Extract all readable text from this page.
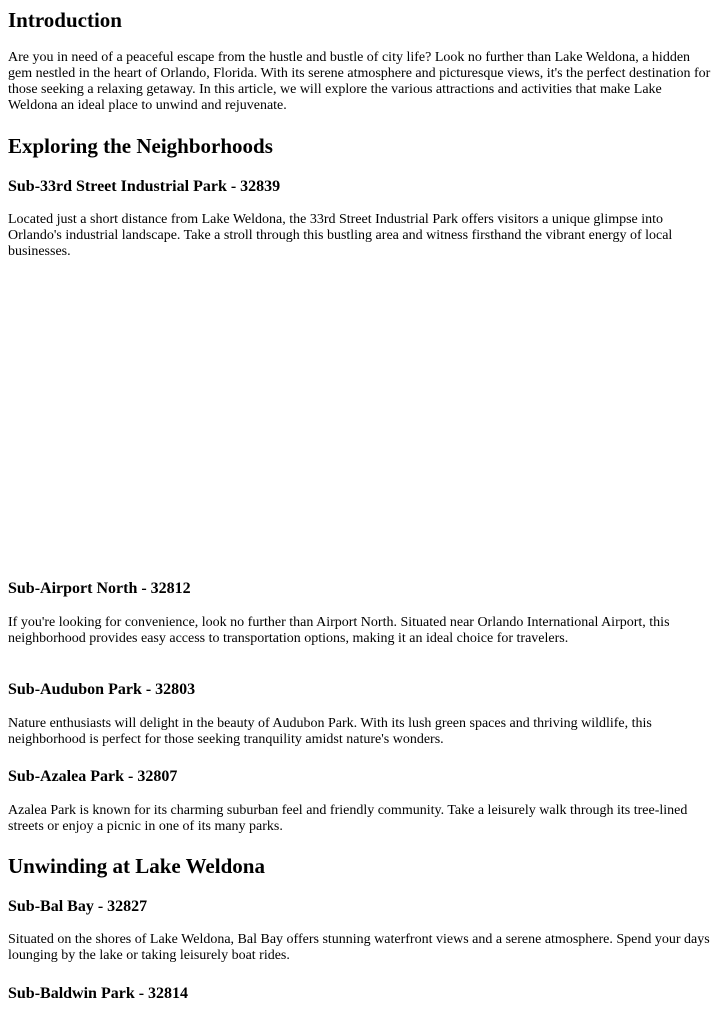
Introduction

Are you in need of a peaceful escape from the hustle and bustle of city life? Look no further than Lake Weldona, a hidden gem nestled in the heart of Orlando, Florida. With its serene atmosphere and picturesque views, it's the perfect destination for those seeking a relaxing getaway. In this article, we will explore the various attractions and activities that make Lake Weldona an ideal place to unwind and rejuvenate.

Exploring the Neighborhoods
Sub-33rd Street Industrial Park - 32839

Located just a short distance from Lake Weldona, the 33rd Street Industrial Park offers visitors a unique glimpse into Orlando's industrial landscape. Take a stroll through this bustling area and witness firsthand the vibrant energy of local businesses.

Sub-Airport North - 32812

If you're looking for convenience, look no further than Airport North. Situated near Orlando International Airport, this neighborhood provides easy access to transportation options, making it an ideal choice for travelers.

Sub-Audubon Park - 32803

Nature enthusiasts will delight in the beauty of Audubon Park. With its lush green spaces and thriving wildlife, this neighborhood is perfect for those seeking tranquility amidst nature's wonders.

Sub-Azalea Park - 32807

Azalea Park is known for its charming suburban feel and friendly community. Take a leisurely walk through its tree-lined streets or enjoy a picnic in one of its many parks.

Unwinding at Lake Weldona
Sub-Bal Bay - 32827

Situated on the shores of Lake Weldona, Bal Bay offers stunning waterfront views and a serene atmosphere. Spend your days lounging by the lake or taking leisurely boat rides.

Sub-Baldwin Park - 32814
